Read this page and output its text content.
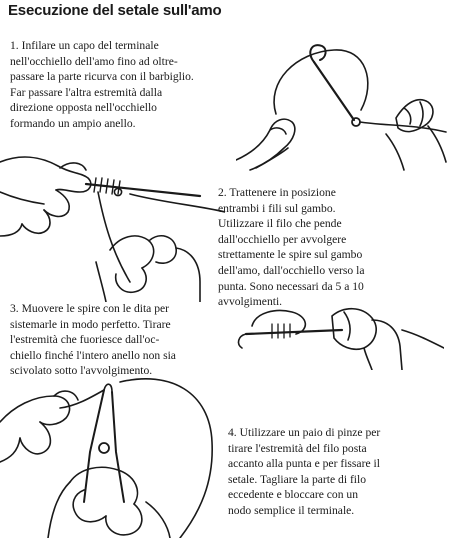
Esecuzione del setale sull'amo

1. Infilare un capo del terminale
nell'occhiello dell'amo fino ad oltre-
passare la parte ricurva con il barbiglio.
Far passare l'altra estremità dalla
direzione opposta nell'occhiello
formando un ampio anello.

2. Trattenere in posizione
entrambi i fili sul gambo.
Utilizzare il filo che pende
dall'occhiello per avvolgere
strettamente le spire sul gambo
dell'amo, dall'occhiello verso la
punta. Sono necessari da 5 a 10
avvolgimenti.

3. Muovere le spire con le dita per
sistemarle in modo perfetto. Tirare
l'estremità che fuoriesce dall'oc-
chiello finché l'intero anello non sia
scivolato sotto l'avvolgimento.

4. Utilizzare un paio di pinze per
tirare l'estremità del filo posta
accanto alla punta e per fissare il
setale. Tagliare la parte di filo
eccedente e bloccare con un
nodo semplice il terminale.
